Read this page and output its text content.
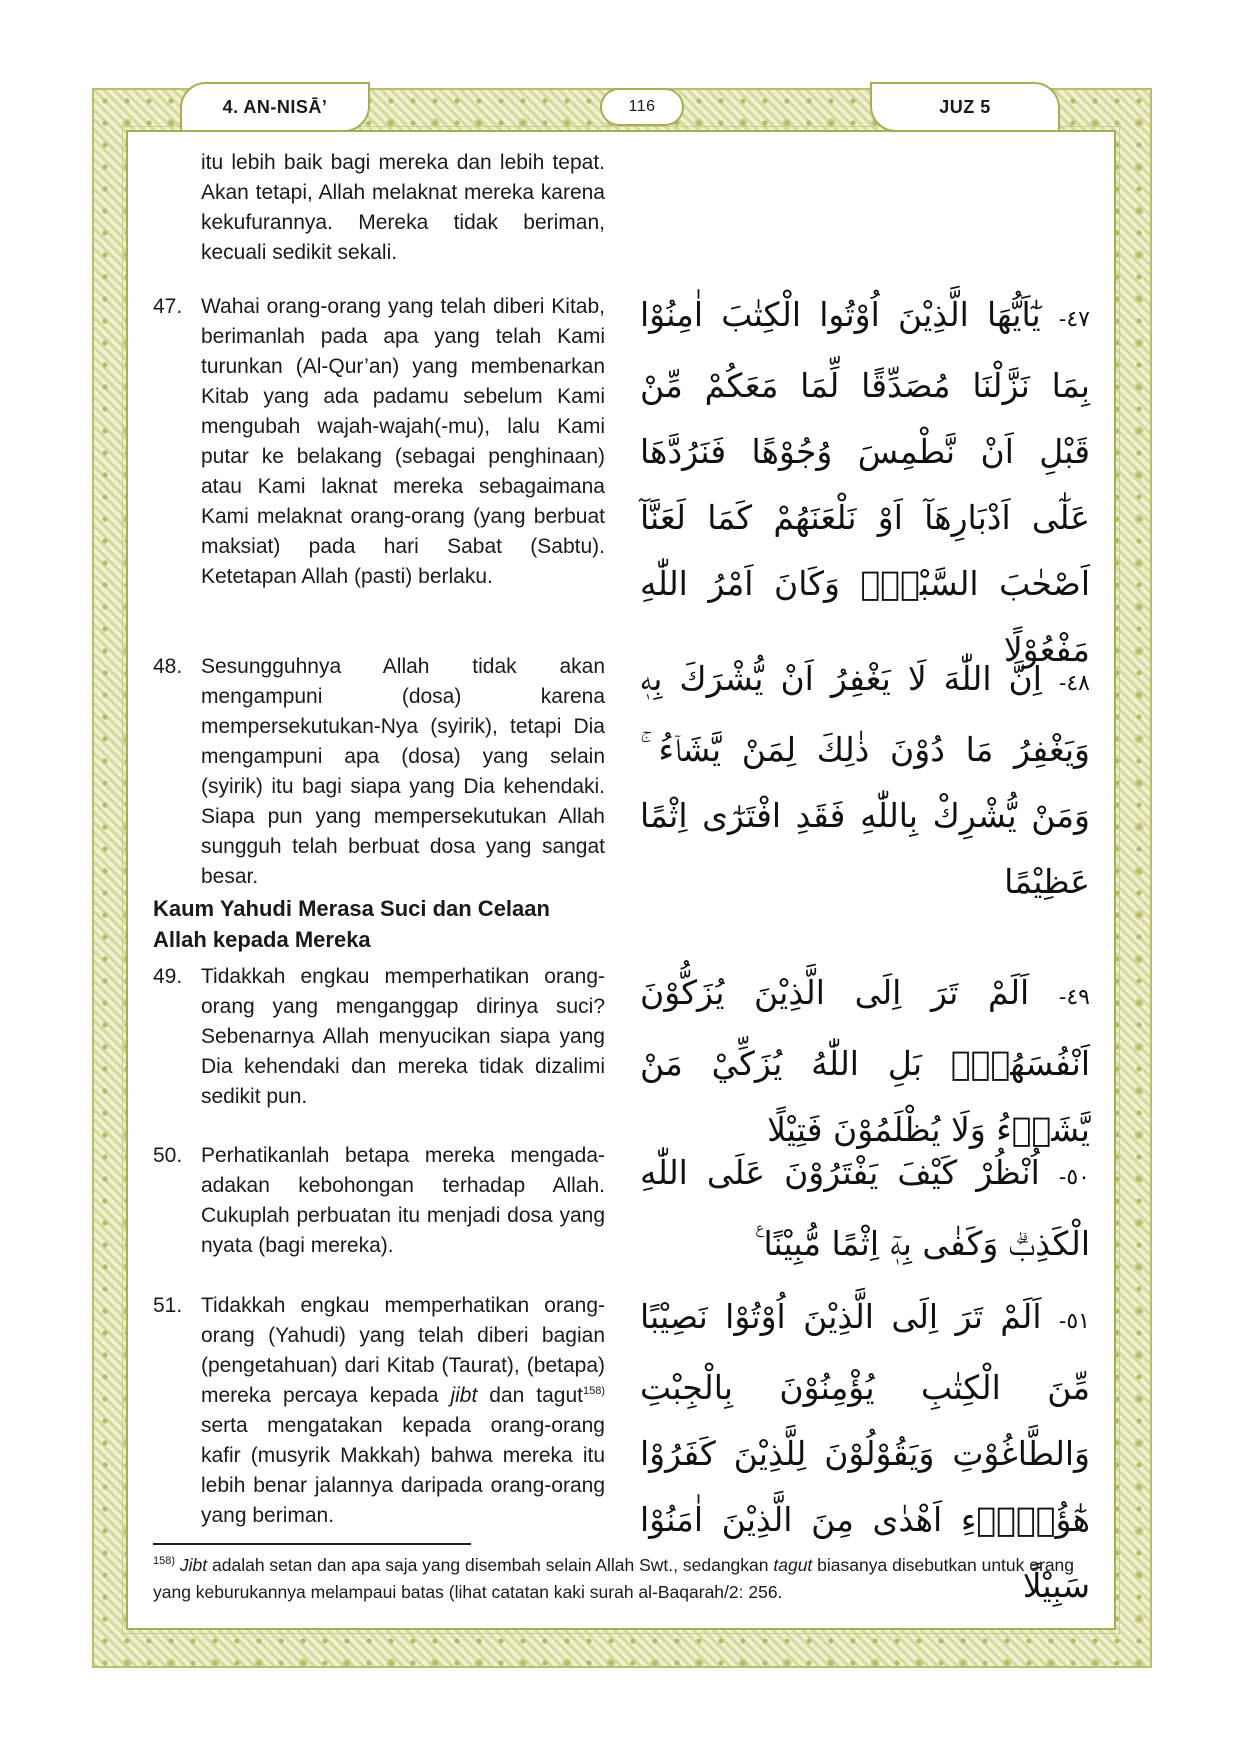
4. AN-NISĀ’	116	JUZ 5
itu lebih baik bagi mereka dan lebih tepat. Akan tetapi, Allah melaknat mereka karena kekufurannya. Mereka tidak beriman, kecuali sedikit sekali.
47. Wahai orang-orang yang telah diberi Kitab, berimanlah pada apa yang telah Kami turunkan (Al-Qur’an) yang membenarkan Kitab yang ada padamu sebelum Kami mengubah wajah-wajah(-mu), lalu Kami putar ke belakang (sebagai penghinaan) atau Kami laknat mereka sebagaimana Kami melaknat orang-orang (yang berbuat maksiat) pada hari Sabat (Sabtu). Ketetapan Allah (pasti) berlaku.
٤٧- يٰٓاَيُّهَا الَّذِيْنَ اُوْتُوا الْكِتٰبَ اٰمِنُوْا بِمَا نَزَّلْنَا مُصَدِّقًا لِّمَا مَعَكُمْ مِّنْ قَبْلِ اَنْ نَّطْمِسَ وُجُوْهًا فَنَرُدَّهَا عَلٰٓى اَدْبَارِهَآ اَوْ نَلْعَنَهُمْ كَمَا لَعَنَّآ اَصْحٰبَ السَّبْتِۗ وَكَانَ اَمْرُ اللّٰهِ مَفْعُوْلًا
48. Sesungguhnya Allah tidak akan mengampuni (dosa) karena mempersekutukan-Nya (syirik), tetapi Dia mengampuni apa (dosa) yang selain (syirik) itu bagi siapa yang Dia kehendaki. Siapa pun yang mempersekutukan Allah sungguh telah berbuat dosa yang sangat besar.
٤٨- اِنَّ اللّٰهَ لَا يَغْفِرُ اَنْ يُّشْرَكَ بِهٖ وَيَغْفِرُ مَا دُوْنَ ذٰلِكَ لِمَنْ يَّشَاۤءُ ۚ وَمَنْ يُّشْرِكْ بِاللّٰهِ فَقَدِ افْتَرٰٓى اِثْمًا عَظِيْمًا
Kaum Yahudi Merasa Suci dan Celaan Allah kepada Mereka
49. Tidakkah engkau memperhatikan orang-orang yang menganggap dirinya suci? Sebenarnya Allah menyucikan siapa yang Dia kehendaki dan mereka tidak dizalimi sedikit pun.
٤٩- اَلَمْ تَرَ اِلَى الَّذِيْنَ يُزَكُّوْنَ اَنْفُسَهُمْۗ بَلِ اللّٰهُ يُزَكِّيْ مَنْ يَّشَاۤءُ وَلَا يُظْلَمُوْنَ فَتِيْلًا
50. Perhatikanlah betapa mereka mengada-adakan kebohongan terhadap Allah. Cukuplah perbuatan itu menjadi dosa yang nyata (bagi mereka).
٥٠- اُنْظُرْ كَيْفَ يَفْتَرُوْنَ عَلَى اللّٰهِ الْكَذِبَۗ وَكَفٰى بِهٖٓ اِثْمًا مُّبِيْنًا ࣖ
51. Tidakkah engkau memperhatikan orang-orang (Yahudi) yang telah diberi bagian (pengetahuan) dari Kitab (Taurat), (betapa) mereka percaya kepada jibt dan tagut$^{158)}$ serta mengatakan kepada orang-orang kafir (musyrik Makkah) bahwa mereka itu lebih benar jalannya daripada orang-orang yang beriman.
٥١- اَلَمْ تَرَ اِلَى الَّذِيْنَ اُوْتُوْا نَصِيْبًا مِّنَ الْكِتٰبِ يُؤْمِنُوْنَ بِالْجِبْتِ وَالطَّاغُوْتِ وَيَقُوْلُوْنَ لِلَّذِيْنَ كَفَرُوْا هٰٓؤُلَاۤءِ اَهْدٰى مِنَ الَّذِيْنَ اٰمَنُوْا سَبِيْلًا
$^{158)}$ Jibt adalah setan dan apa saja yang disembah selain Allah Swt., sedangkan tagut biasanya disebutkan untuk orang yang keburukannya melampaui batas (lihat catatan kaki surah al-Baqarah/2: 256.
